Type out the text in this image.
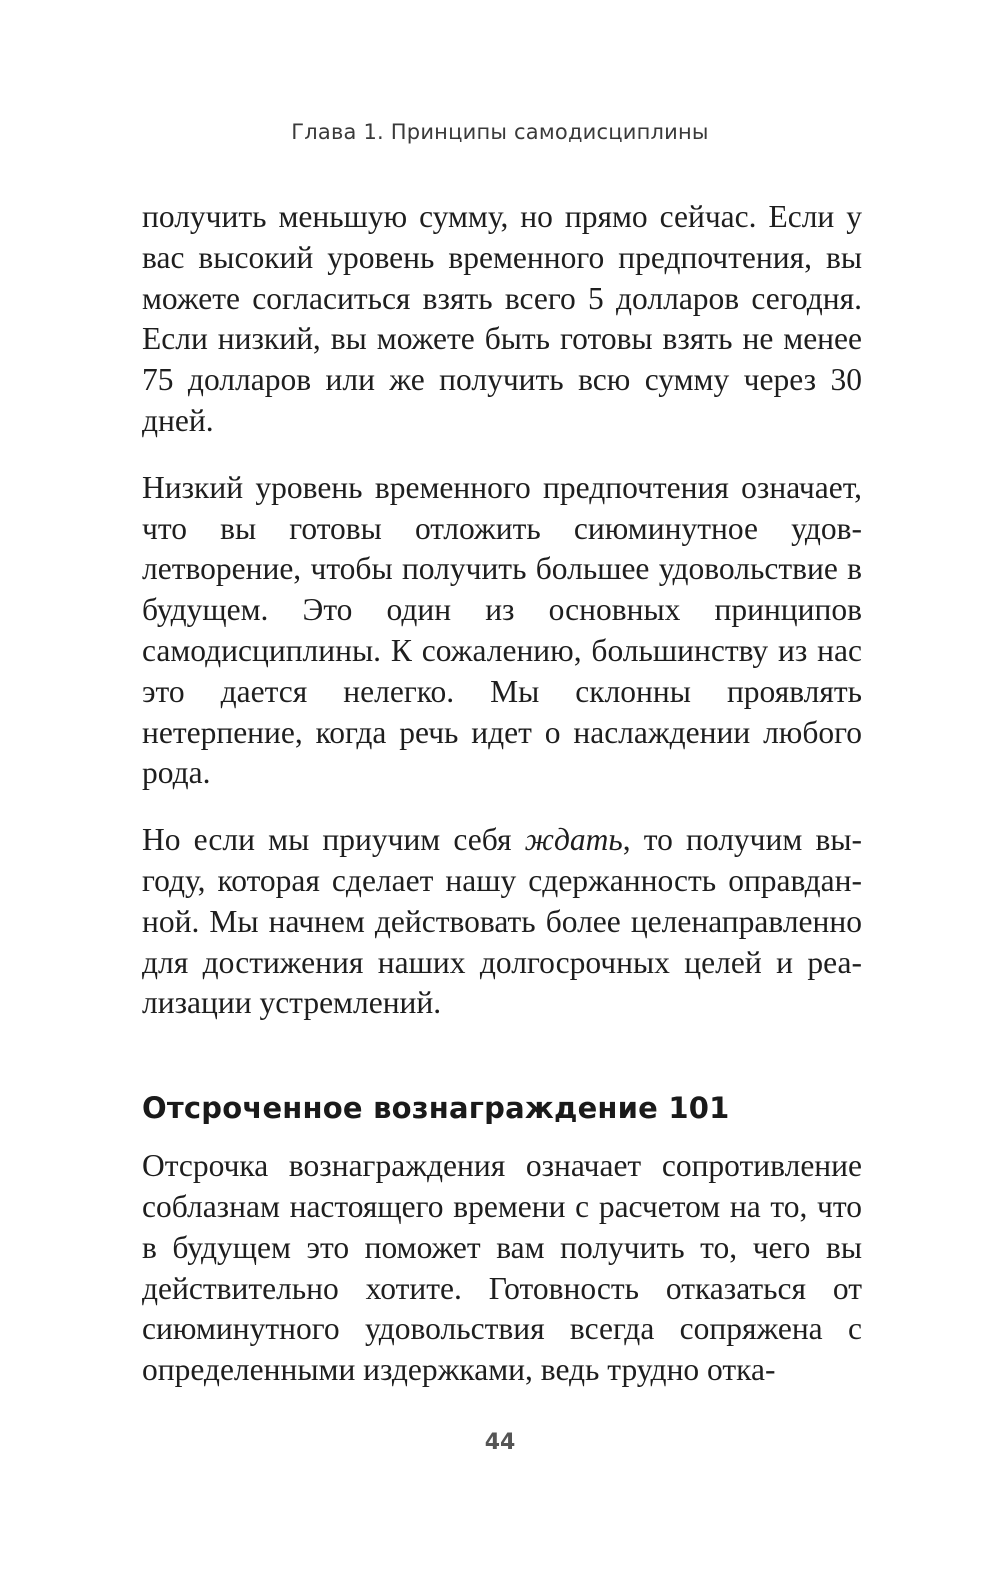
Глава 1. Принципы самодисциплины

получить меньшую сумму, но прямо сейчас. Если у вас высокий уровень временного предпочтения, вы можете согласиться взять всего 5 долларов сегодня. Если низкий, вы можете быть готовы взять не менее 75 долларов или же получить всю сумму через 30 дней.

Низкий уровень временного предпочтения означает, что вы готовы отложить сиюминутное удовлетворение, чтобы получить большее удовольствие в будущем. Это один из основных принципов самодисциплины. К сожалению, большинству из нас это дается нелегко. Мы склонны проявлять нетерпение, когда речь идет о наслаждении любого рода.

Но если мы приучим себя ждать, то получим выгоду, которая сделает нашу сдержанность оправданной. Мы начнем действовать более целенаправленно для достижения наших долгосрочных целей и реализации устремлений.

Отсроченное вознаграждение 101

Отсрочка вознаграждения означает сопротивление соблазнам настоящего времени с расчетом на то, что в будущем это поможет вам получить то, чего вы действительно хотите. Готовность отказаться от сиюминутного удовольствия всегда сопряжена с определенными издержками, ведь трудно отка-

44
